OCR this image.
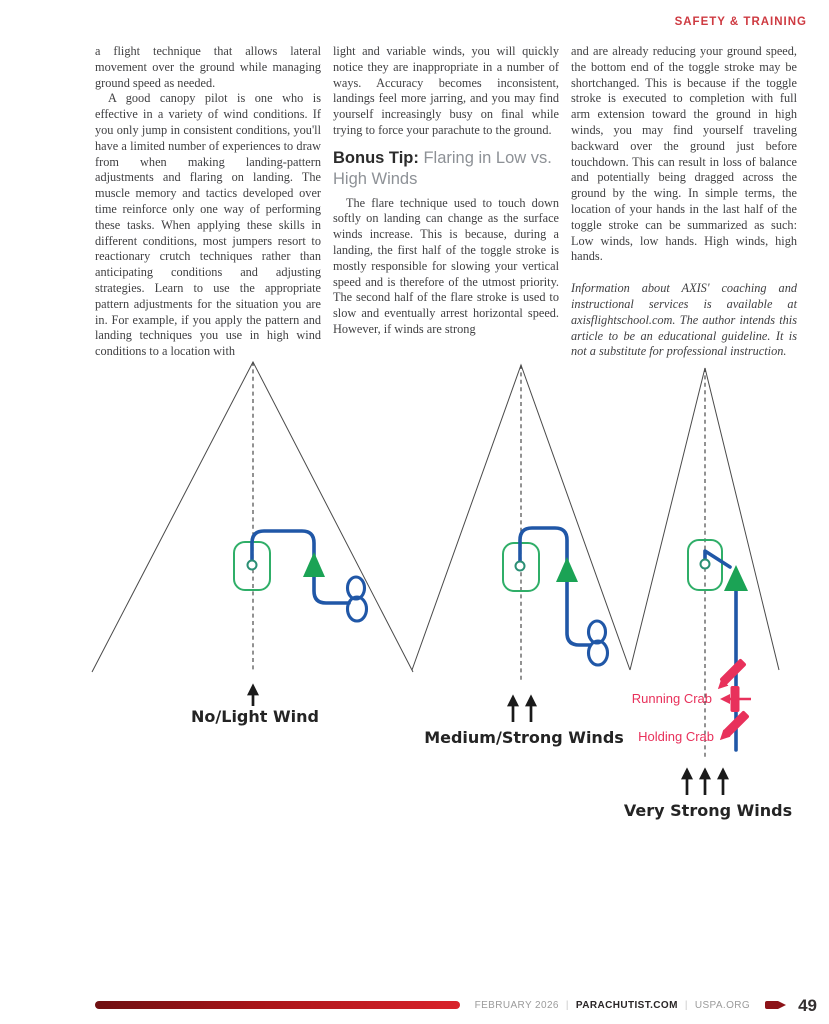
SAFETY & TRAINING

a flight technique that allows lateral movement over the ground while managing ground speed as needed.

A good canopy pilot is one who is effective in a variety of wind conditions. If you only jump in consistent conditions, you'll have a limited number of experiences to draw from when making landing-pattern adjustments and flaring on landing. The muscle memory and tactics developed over time reinforce only one way of performing these tasks. When applying these skills in different conditions, most jumpers resort to reactionary crutch techniques rather than anticipating conditions and adjusting strategies. Learn to use the appropriate pattern adjustments for the situation you are in. For example, if you apply the pattern and landing techniques you use in high wind conditions to a location with

light and variable winds, you will quickly notice they are inappropriate in a number of ways. Accuracy becomes inconsistent, landings feel more jarring, and you may find yourself increasingly busy on final while trying to force your parachute to the ground.

Bonus Tip: Flaring in Low vs. High Winds

The flare technique used to touch down softly on landing can change as the surface winds increase. This is because, during a landing, the first half of the toggle stroke is mostly responsible for slowing your vertical speed and is therefore of the utmost priority. The second half of the flare stroke is used to slow and eventually arrest horizontal speed. However, if winds are strong

and are already reducing your ground speed, the bottom end of the toggle stroke may be shortchanged. This is because if the toggle stroke is executed to completion with full arm extension toward the ground in high winds, you may find yourself traveling backward over the ground just before touchdown. This can result in loss of balance and potentially being dragged across the ground by the wing. In simple terms, the location of your hands in the last half of the toggle stroke can be summarized as such: Low winds, low hands. High winds, high hands.

Information about AXIS' coaching and instructional services is available at axisflightschool.com. The author intends this article to be an educational guideline. It is not a substitute for professional instruction.

No/Light Wind
Medium/Strong Winds
Running Crab
Holding Crab
Very Strong Winds
FEBRUARY 2026 | PARACHUTIST.COM | USPA.ORG	49
